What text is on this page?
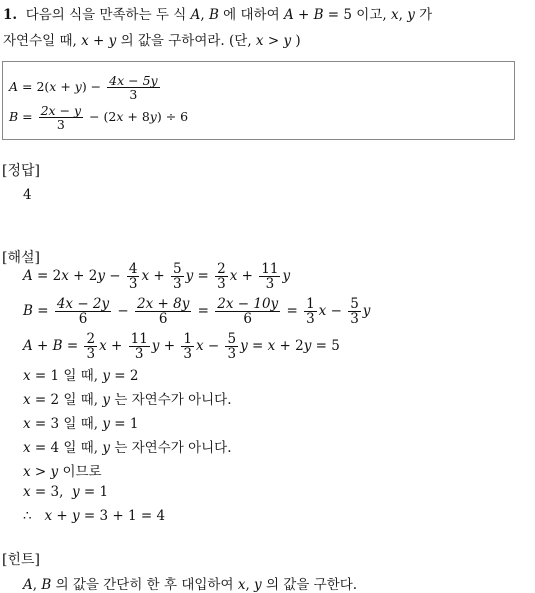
1. 다음의 식을 만족하는 두 식 A, B 에 대하여 A + B = 5 이고, x, y 가
자연수일 때, x + y 의 값을 구하여라. (단, x > y )
$A = 2(x + y) - \frac{4x - 5y}{3}$
$B = \frac{2x - y}{3} - (2x + 8y) \div 6$
[정답]
4
[해설]
$A = 2x + 2y - \frac{4}{3}$ $x + \frac{5}{3}$ $y = \frac{2}{3}$ $x + \frac{11}{3}$ y
$B = \frac{4x - 2y}{6} - \frac{2x + 8y}{6} = \frac{2x - 10y}{6} = \frac{1}{3}$ $x - \frac{5}{3}$ y
$A + B = \frac{2}{3}$ $x + \frac{11}{3}$ $y + \frac{1}{3}$ $x - \frac{5}{3}$ y = x + 2y = 5
x = 1 일 때, y = 2
x = 2 일 때, y 는 자연수가 아니다.
x = 3 일 때, y = 1
x = 4 일 때, y 는 자연수가 아니다.
x > y 이므로
x = 3,  y = 1
∴   x + y = 3 + 1 = 4
[힌트]
A, B 의 값을 간단히 한 후 대입하여 x, y 의 값을 구한다.
